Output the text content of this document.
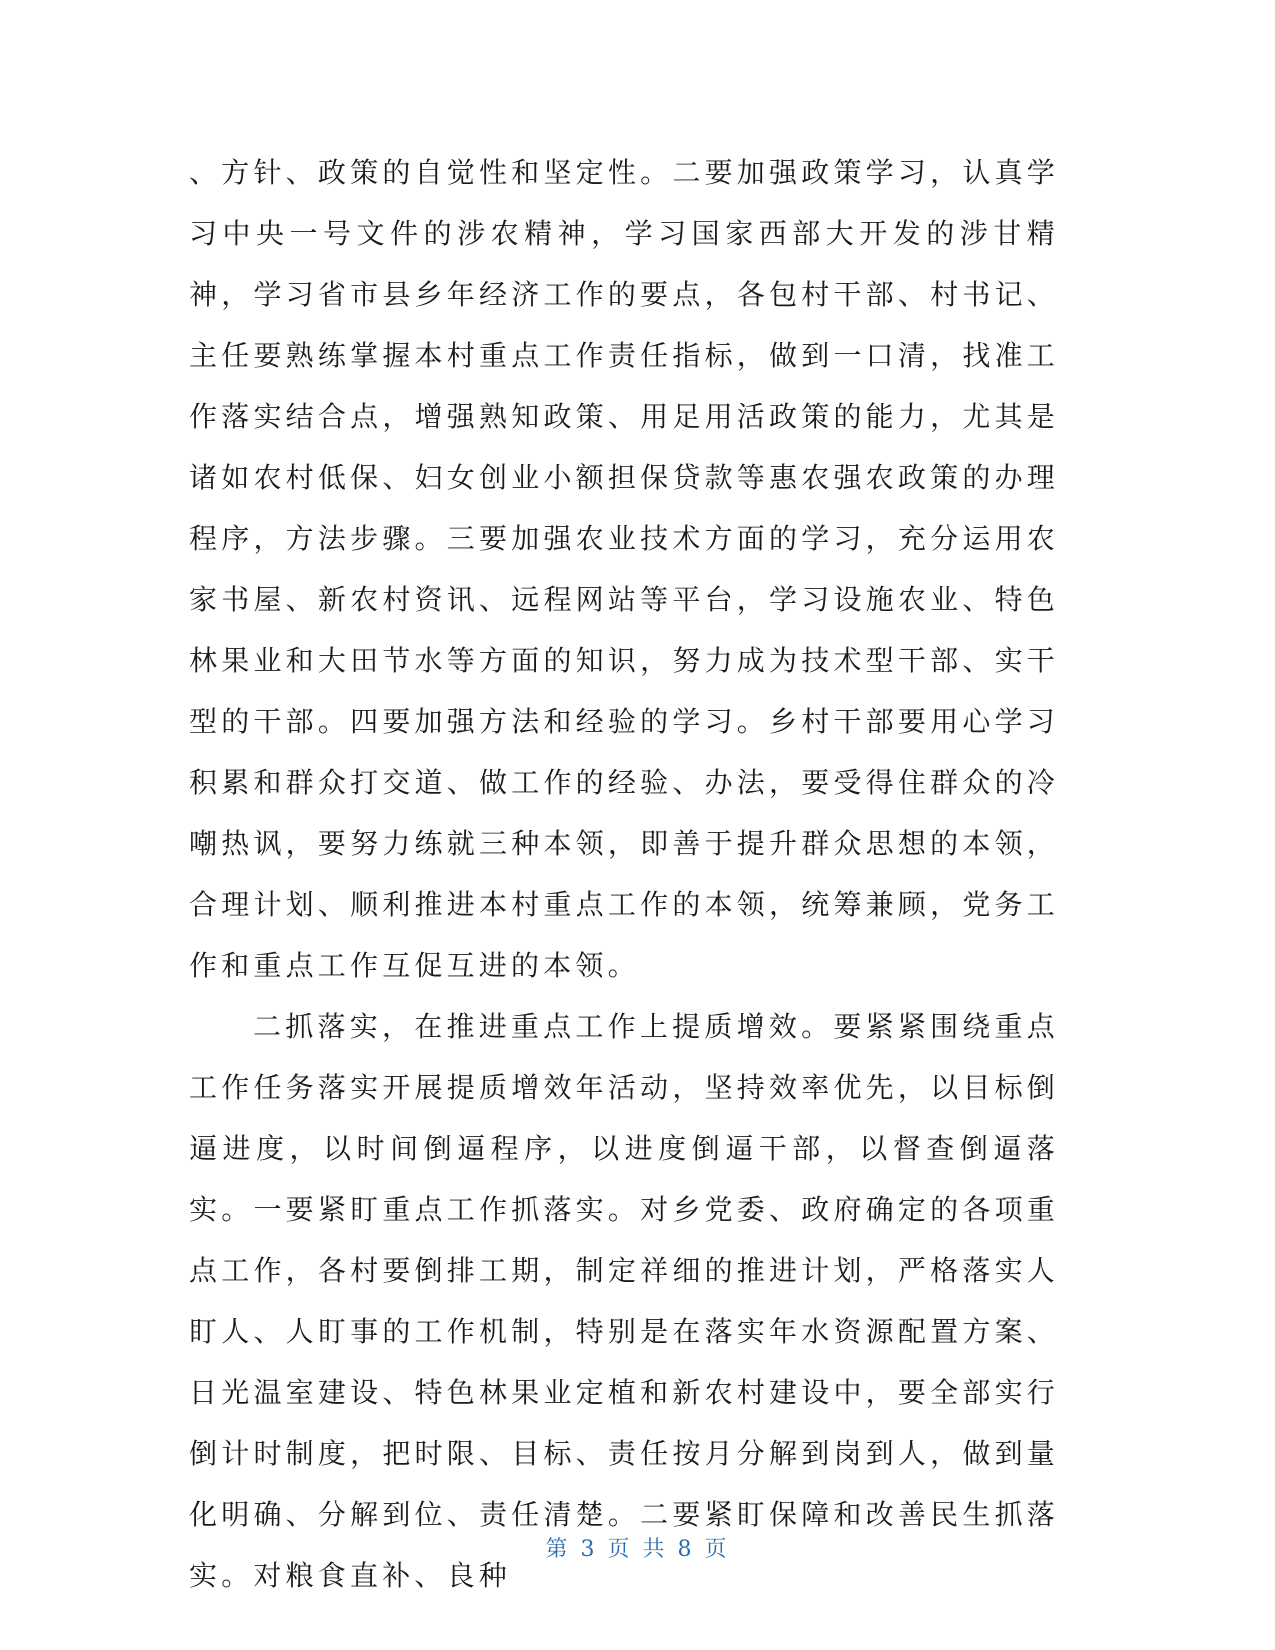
、方针、政策的自觉性和坚定性。二要加强政策学习，认真学习中央一号文件的涉农精神，学习国家西部大开发的涉甘精神，学习省市县乡年经济工作的要点，各包村干部、村书记、主任要熟练掌握本村重点工作责任指标，做到一口清，找准工作落实结合点，增强熟知政策、用足用活政策的能力，尤其是诸如农村低保、妇女创业小额担保贷款等惠农强农政策的办理程序，方法步骤。三要加强农业技术方面的学习，充分运用农家书屋、新农村资讯、远程网站等平台，学习设施农业、特色林果业和大田节水等方面的知识，努力成为技术型干部、实干型的干部。四要加强方法和经验的学习。乡村干部要用心学习积累和群众打交道、做工作的经验、办法，要受得住群众的冷嘲热讽，要努力练就三种本领，即善于提升群众思想的本领，合理计划、顺利推进本村重点工作的本领，统筹兼顾，党务工作和重点工作互促互进的本领。

二抓落实，在推进重点工作上提质增效。要紧紧围绕重点工作任务落实开展提质增效年活动，坚持效率优先，以目标倒逼进度，以时间倒逼程序，以进度倒逼干部，以督查倒逼落实。一要紧盯重点工作抓落实。对乡党委、政府确定的各项重点工作，各村要倒排工期，制定祥细的推进计划，严格落实人盯人、人盯事的工作机制，特别是在落实年水资源配置方案、日光温室建设、特色林果业定植和新农村建设中，要全部实行倒计时制度，把时限、目标、责任按月分解到岗到人，做到量化明确、分解到位、责任清楚。二要紧盯保障和改善民生抓落实。对粮食直补、良种

第 3 页 共 8 页
